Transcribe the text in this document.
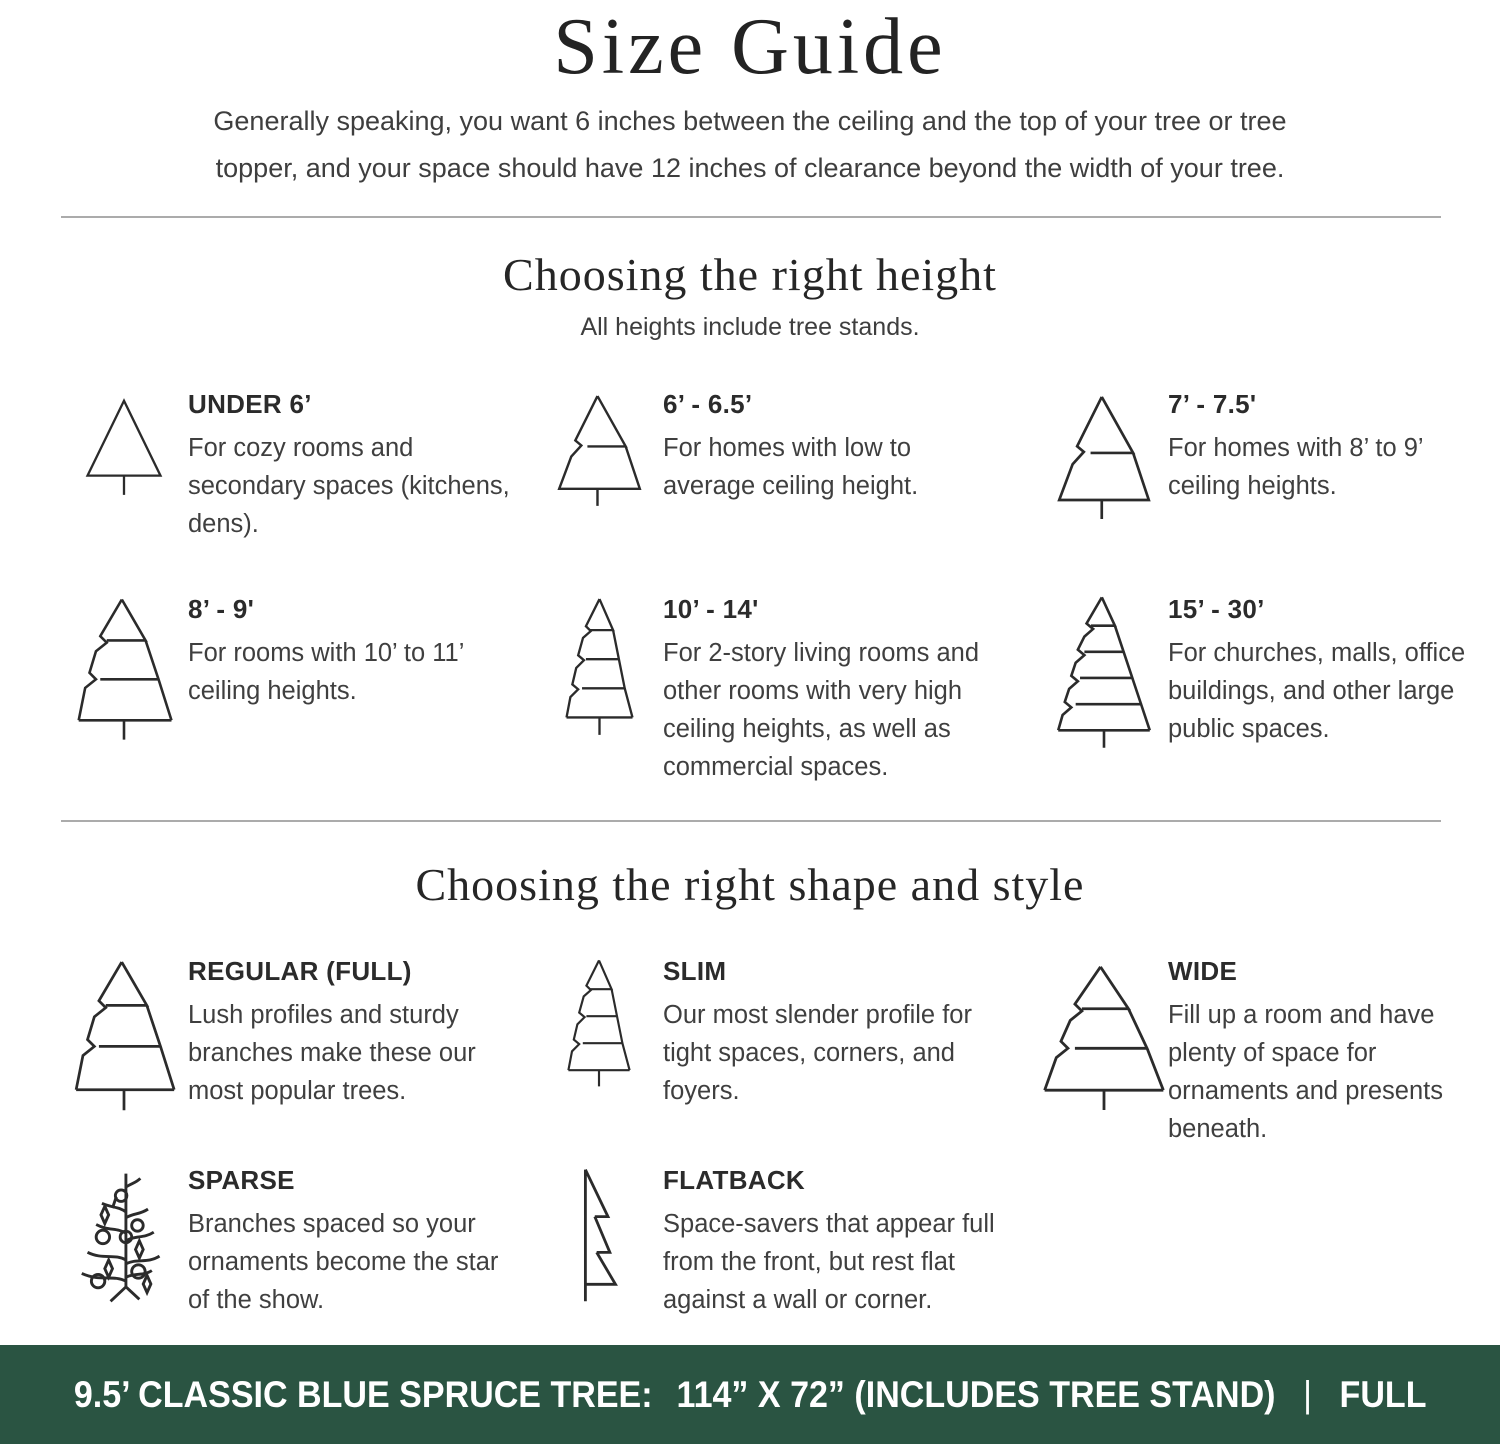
Size Guide
Generally speaking, you want 6 inches between the ceiling and the top of your tree or tree
topper, and your space should have 12 inches of clearance beyond the width of your tree.
Choosing the right height
All heights include tree stands.
UNDER 6’
For cozy rooms and secondary spaces (kitchens, dens).
6’ - 6.5’
For homes with low to average ceiling height.
7’ - 7.5'
For homes with 8’ to 9’ ceiling heights.
8’ - 9'
For rooms with 10’ to 11’ ceiling heights.
10’ - 14'
For 2-story living rooms and other rooms with very high ceiling heights, as well as commercial spaces.
15’ - 30’
For churches, malls, office buildings, and other large public spaces.
Choosing the right shape and style
REGULAR (FULL)
Lush profiles and sturdy branches make these our most popular trees.
SLIM
Our most slender profile for tight spaces, corners, and foyers.
WIDE
Fill up a room and have plenty of space for ornaments and presents beneath.
SPARSE
Branches spaced so your ornaments become the star of the show.
FLATBACK
Space-savers that appear full from the front, but rest flat against a wall or corner.
9.5’ CLASSIC BLUE SPRUCE TREE: 114” X 72” (INCLUDES TREE STAND) | FULL
